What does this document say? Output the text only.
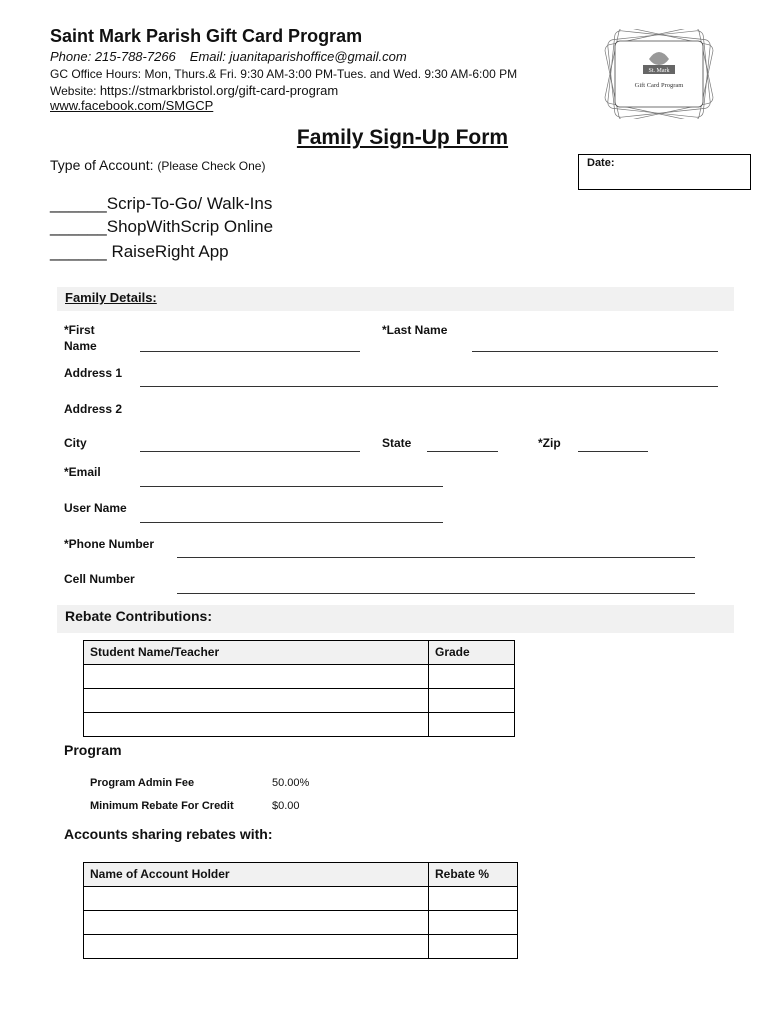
Saint Mark Parish Gift Card Program
Phone: 215-788-7266 Email: juanitaparishoffice@gmail.com
GC Office Hours: Mon, Thurs.& Fri. 9:30 AM-3:00 PM-Tues. and Wed. 9:30 AM-6:00 PM
Website: https://stmarkbristol.org/gift-card-program
www.facebook.com/SMGCP
St. Mark
Gift Card Program
Family Sign-Up Form
Type of Account: (Please Check One)	Date:
______Scrip-To-Go/ Walk-Ins
______ShopWithScrip Online
______ RaiseRight App
Family Details:
*First
Name
*Last Name
Address 1
Address 2
City	State	*Zip
*Email
User Name
*Phone Number
Cell Number
Rebate Contributions:
Student Name/Teacher	Grade

Program
Program Admin Fee	50.00%
Minimum Rebate For Credit	$0.00
Accounts sharing rebates with:
Name of Account Holder	Rebate %
